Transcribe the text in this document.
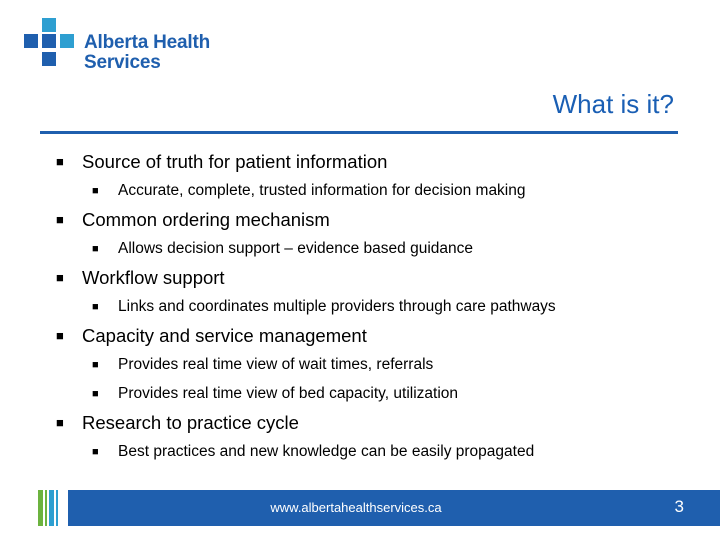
Alberta Health
Services
What is it?
■ Source of truth for patient information
■ Accurate, complete, trusted information for decision making
■ Common ordering mechanism
■ Allows decision support – evidence based guidance
■ Workflow support
■ Links and coordinates multiple providers through care pathways
■ Capacity and service management
■ Provides real time view of wait times, referrals
■ Provides real time view of bed capacity, utilization
■ Research to practice cycle
■ Best practices and new knowledge can be easily propagated
www.albertahealthservices.ca	3
